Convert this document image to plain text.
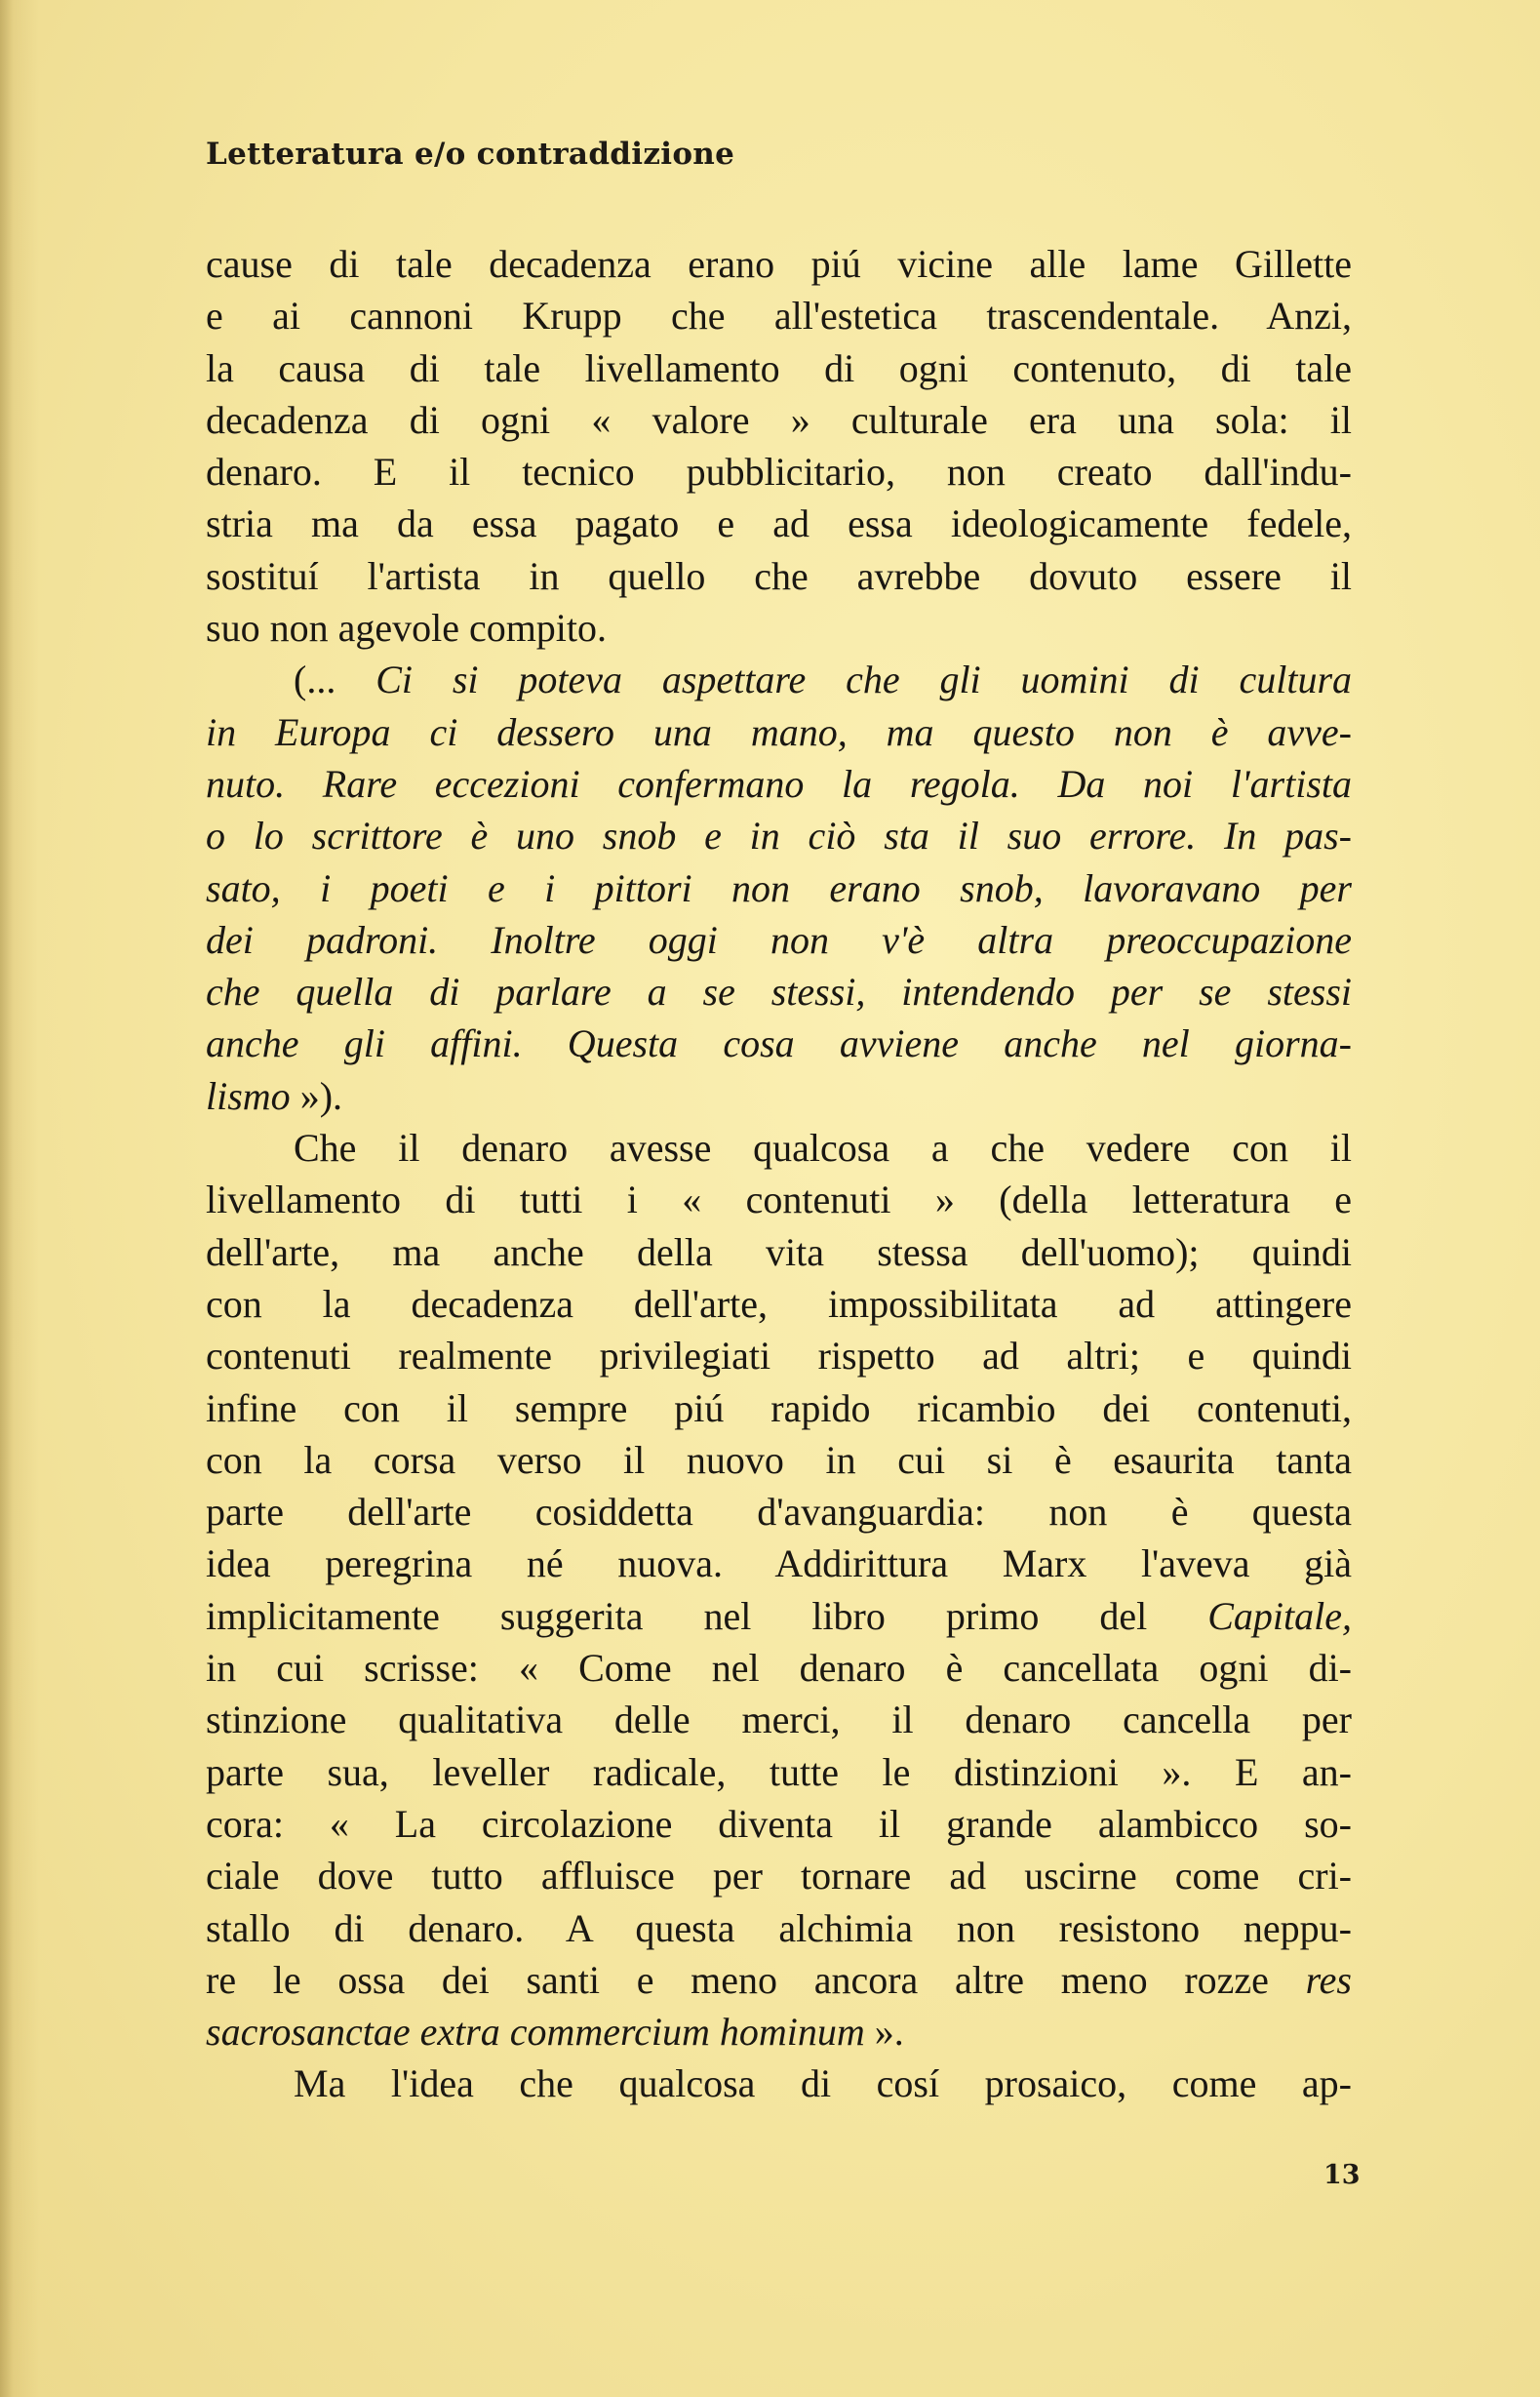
Letteratura e/o contraddizione
cause di tale decadenza erano piú vicine alle lame Gillette
e ai cannoni Krupp che all'estetica trascendentale. Anzi,
la causa di tale livellamento di ogni contenuto, di tale
decadenza di ogni « valore » culturale era una sola: il
denaro. E il tecnico pubblicitario, non creato dall'indu-
stria ma da essa pagato e ad essa ideologicamente fedele,
sostituí l'artista in quello che avrebbe dovuto essere il
suo non agevole compito.
(... Ci si poteva aspettare che gli uomini di cultura
in Europa ci dessero una mano, ma questo non è avve-
nuto. Rare eccezioni confermano la regola. Da noi l'artista
o lo scrittore è uno snob e in ciò sta il suo errore. In pas-
sato, i poeti e i pittori non erano snob, lavoravano per
dei padroni. Inoltre oggi non v'è altra preoccupazione
che quella di parlare a se stessi, intendendo per se stessi
anche gli affini. Questa cosa avviene anche nel giorna-
lismo »).
Che il denaro avesse qualcosa a che vedere con il
livellamento di tutti i « contenuti » (della letteratura e
dell'arte, ma anche della vita stessa dell'uomo); quindi
con la decadenza dell'arte, impossibilitata ad attingere
contenuti realmente privilegiati rispetto ad altri; e quindi
infine con il sempre piú rapido ricambio dei contenuti,
con la corsa verso il nuovo in cui si è esaurita tanta
parte dell'arte cosiddetta d'avanguardia: non è questa
idea peregrina né nuova. Addirittura Marx l'aveva già
implicitamente suggerita nel libro primo del Capitale,
in cui scrisse: « Come nel denaro è cancellata ogni di-
stinzione qualitativa delle merci, il denaro cancella per
parte sua, leveller radicale, tutte le distinzioni ». E an-
cora: « La circolazione diventa il grande alambicco so-
ciale dove tutto affluisce per tornare ad uscirne come cri-
stallo di denaro. A questa alchimia non resistono neppu-
re le ossa dei santi e meno ancora altre meno rozze res
sacrosanctae extra commercium hominum ».
Ma l'idea che qualcosa di cosí prosaico, come ap-
13
